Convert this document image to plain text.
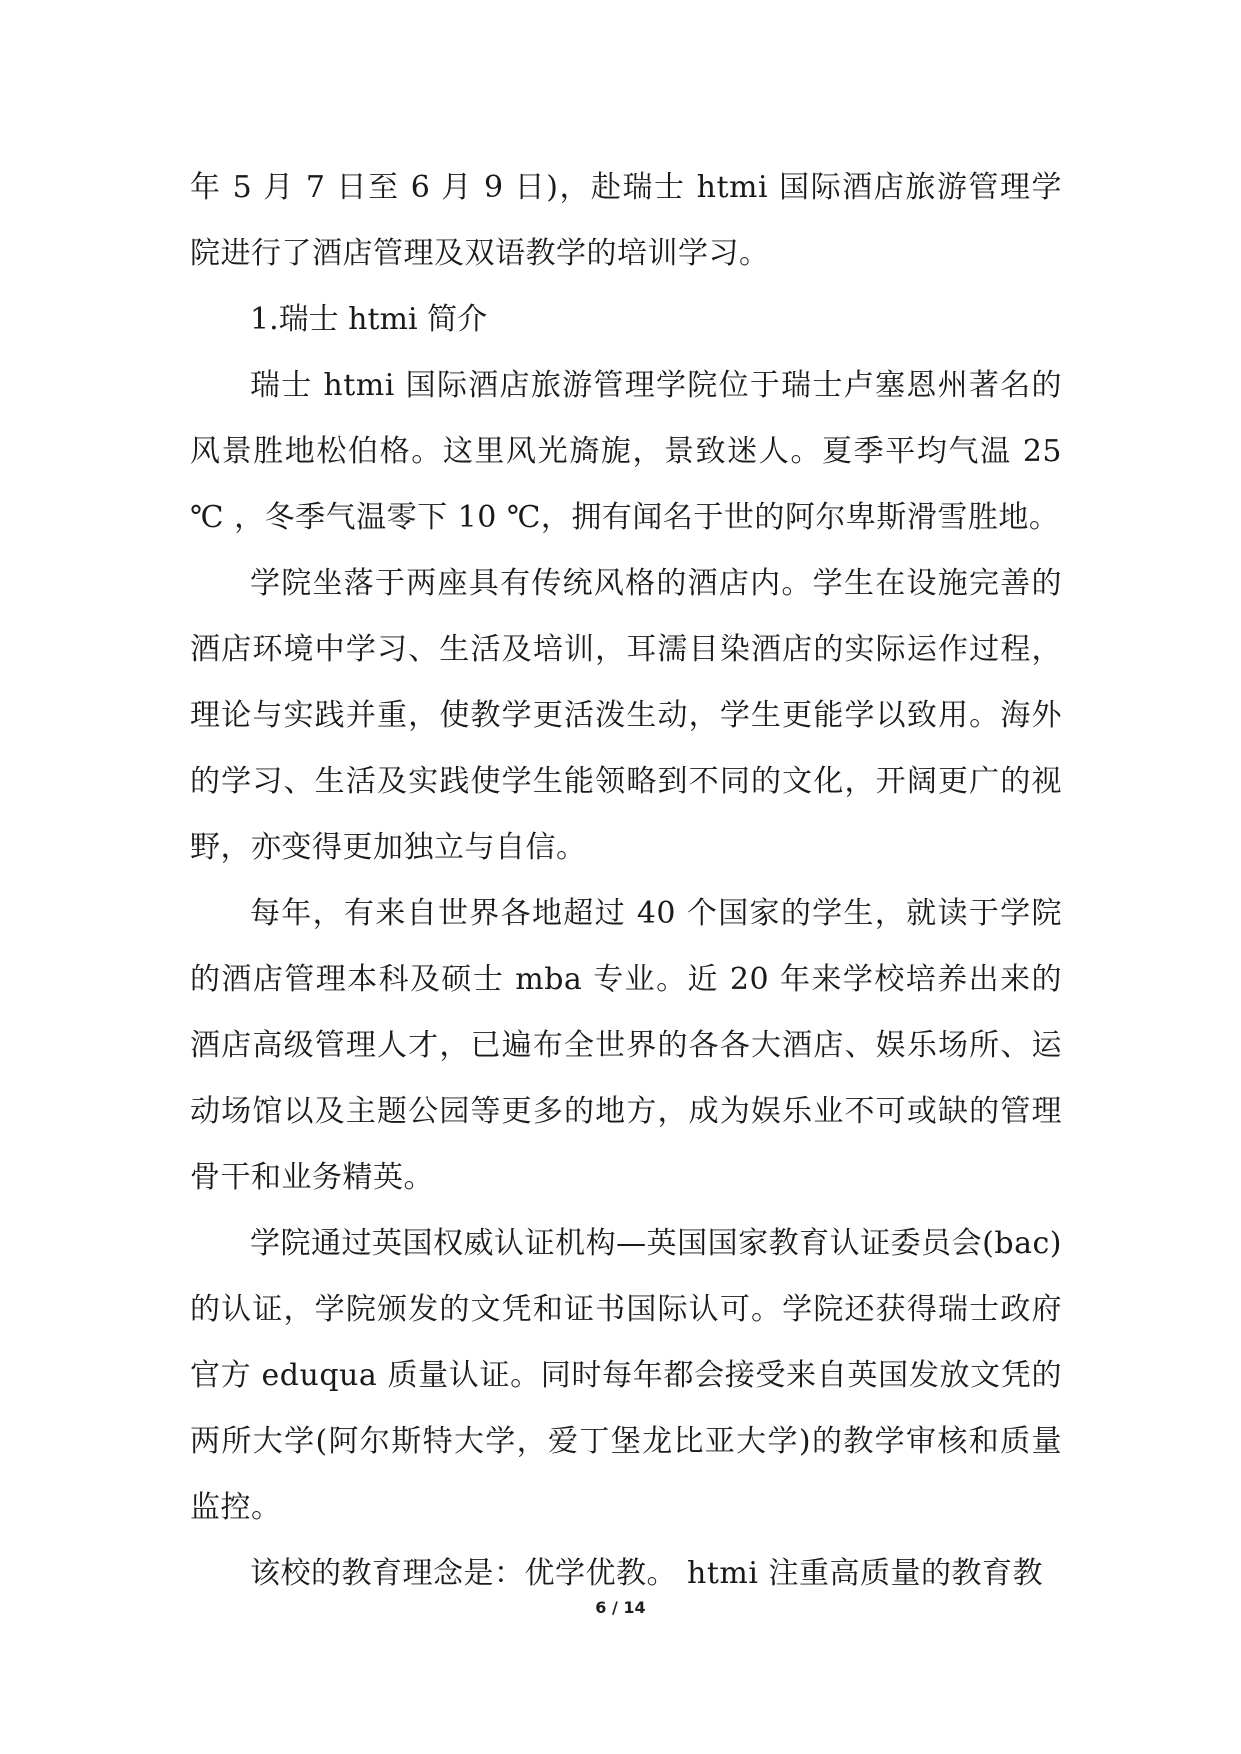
年 5 月 7 日至 6 月 9 日)，赴瑞士 htmi 国际酒店旅游管理学院进行了酒店管理及双语教学的培训学习。

1.瑞士 htmi 简介

瑞士 htmi 国际酒店旅游管理学院位于瑞士卢塞恩州著名的风景胜地松伯格。这里风光旖旎，景致迷人。夏季平均气温 25 ℃ ，冬季气温零下 10 ℃，拥有闻名于世的阿尔卑斯滑雪胜地。

学院坐落于两座具有传统风格的酒店内。学生在设施完善的酒店环境中学习、生活及培训，耳濡目染酒店的实际运作过程，理论与实践并重，使教学更活泼生动，学生更能学以致用。海外的学习、生活及实践使学生能领略到不同的文化，开阔更广的视野，亦变得更加独立与自信。

每年，有来自世界各地超过 40 个国家的学生，就读于学院的酒店管理本科及硕士 mba 专业。近 20 年来学校培养出来的酒店高级管理人才，已遍布全世界的各各大酒店、娱乐场所、运动场馆以及主题公园等更多的地方，成为娱乐业不可或缺的管理骨干和业务精英。

学院通过英国权威认证机构—英国国家教育认证委员会(bac)的认证，学院颁发的文凭和证书国际认可。学院还获得瑞士政府官方 eduqua 质量认证。同时每年都会接受来自英国发放文凭的两所大学(阿尔斯特大学，爱丁堡龙比亚大学)的教学审核和质量监控。

该校的教育理念是：优学优教。 htmi 注重高质量的教育教

6 / 14
